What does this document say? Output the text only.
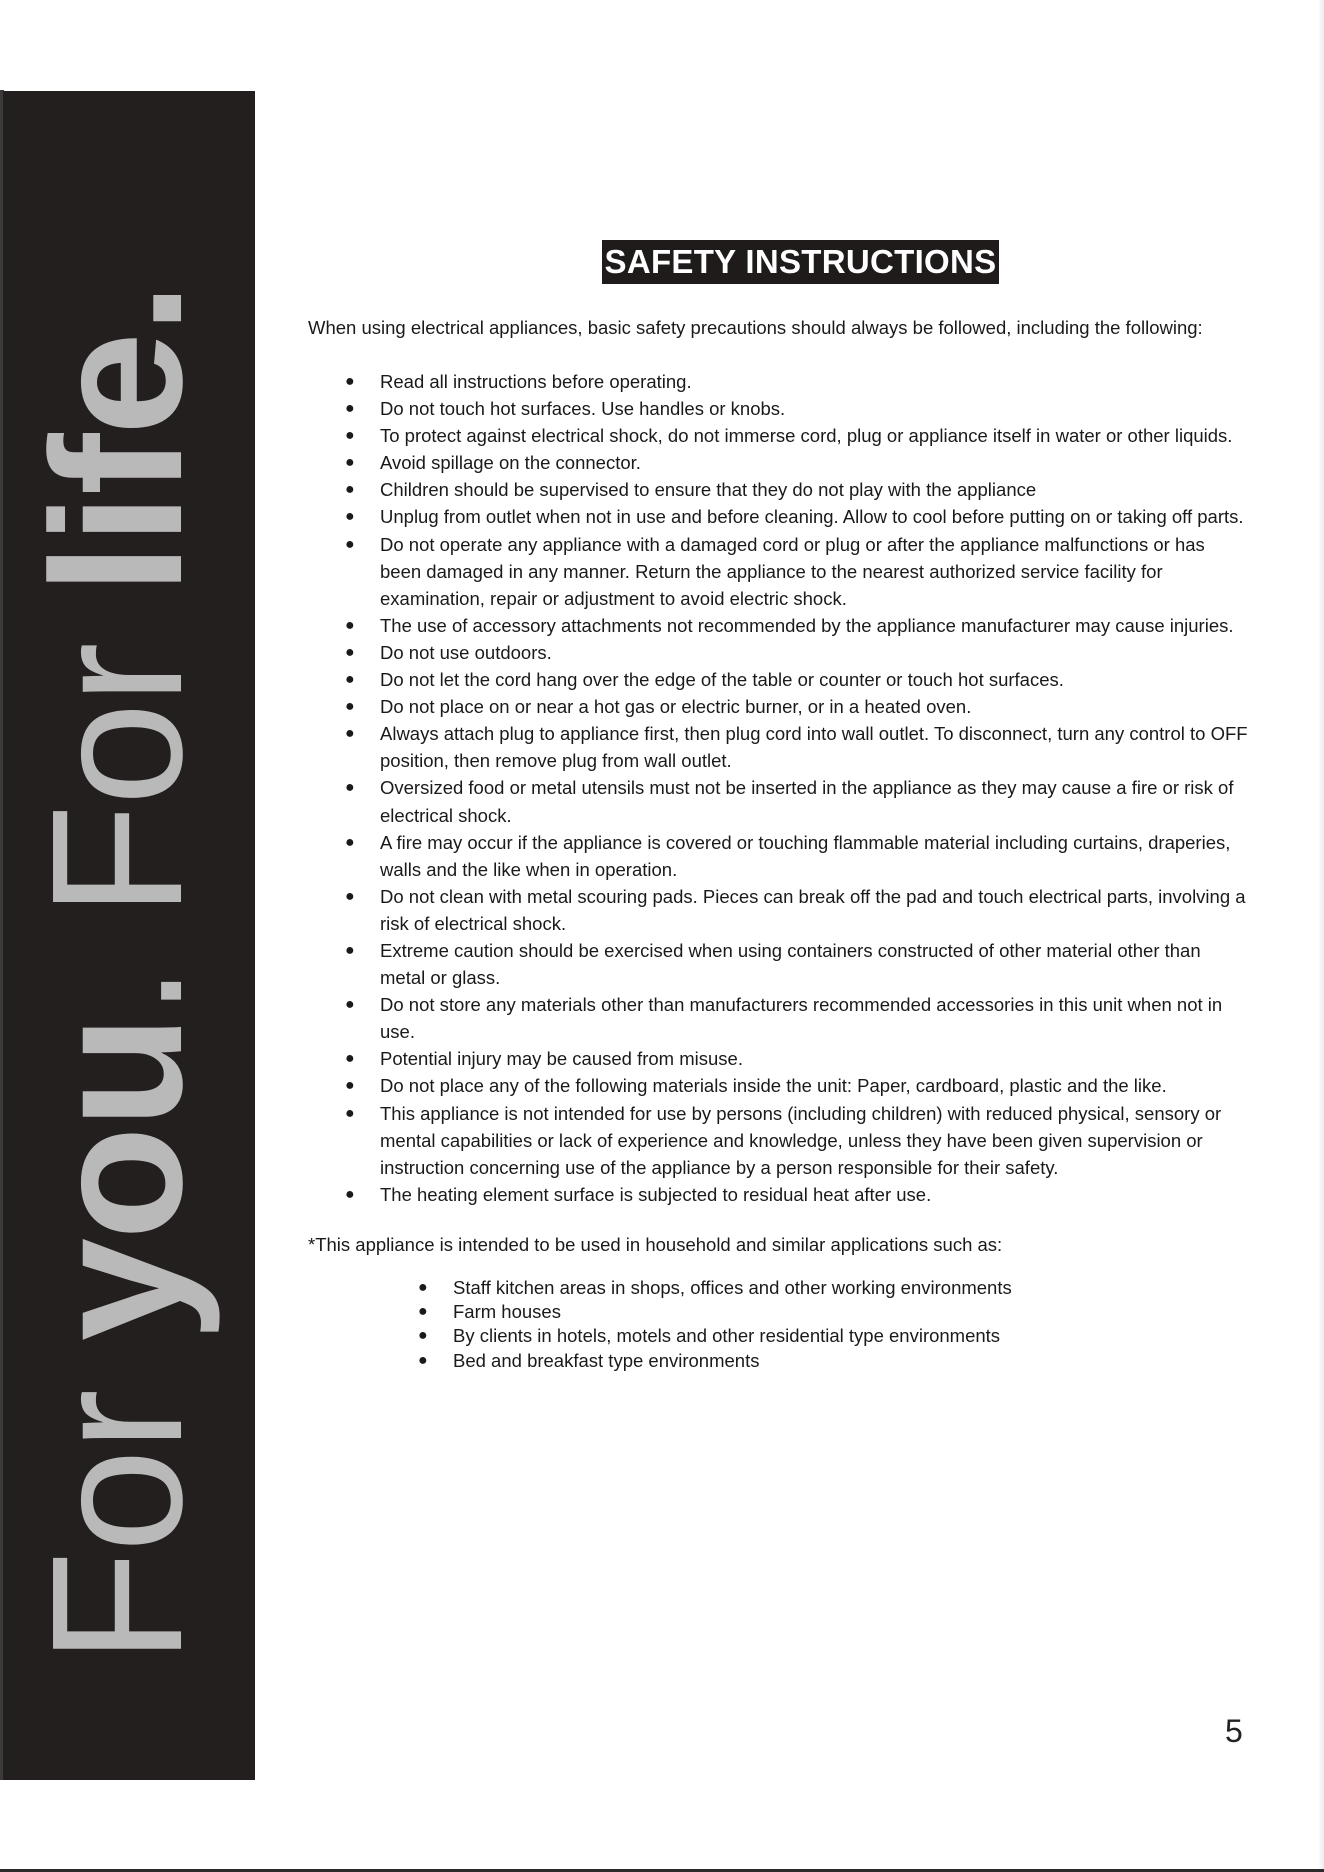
For you. For life.
SAFETY INSTRUCTIONS
When using electrical appliances, basic safety precautions should always be followed, including the following:
● Read all instructions before operating.
● Do not touch hot surfaces. Use handles or knobs.
● To protect against electrical shock, do not immerse cord, plug or appliance itself in water or other liquids.
● Avoid spillage on the connector.
● Children should be supervised to ensure that they do not play with the appliance
● Unplug from outlet when not in use and before cleaning. Allow to cool before putting on or taking off parts.
● Do not operate any appliance with a damaged cord or plug or after the appliance malfunctions or has been damaged in any manner. Return the appliance to the nearest authorized service facility for examination, repair or adjustment to avoid electric shock.
● The use of accessory attachments not recommended by the appliance manufacturer may cause injuries.
● Do not use outdoors.
● Do not let the cord hang over the edge of the table or counter or touch hot surfaces.
● Do not place on or near a hot gas or electric burner, or in a heated oven.
● Always attach plug to appliance first, then plug cord into wall outlet. To disconnect, turn any control to OFF position, then remove plug from wall outlet.
● Oversized food or metal utensils must not be inserted in the appliance as they may cause a fire or risk of electrical shock.
● A fire may occur if the appliance is covered or touching flammable material including curtains, draperies, walls and the like when in operation.
● Do not clean with metal scouring pads. Pieces can break off the pad and touch electrical parts, involving a risk of electrical shock.
● Extreme caution should be exercised when using containers constructed of other material other than metal or glass.
● Do not store any materials other than manufacturers recommended accessories in this unit when not in use.
● Potential injury may be caused from misuse.
● Do not place any of the following materials inside the unit: Paper, cardboard, plastic and the like.
● This appliance is not intended for use by persons (including children) with reduced physical, sensory or mental capabilities or lack of experience and knowledge, unless they have been given supervision or instruction concerning use of the appliance by a person responsible for their safety.
● The heating element surface is subjected to residual heat after use.
*This appliance is intended to be used in household and similar applications such as:
● Staff kitchen areas in shops, offices and other working environments
● Farm houses
● By clients in hotels, motels and other residential type environments
● Bed and breakfast type environments
5
